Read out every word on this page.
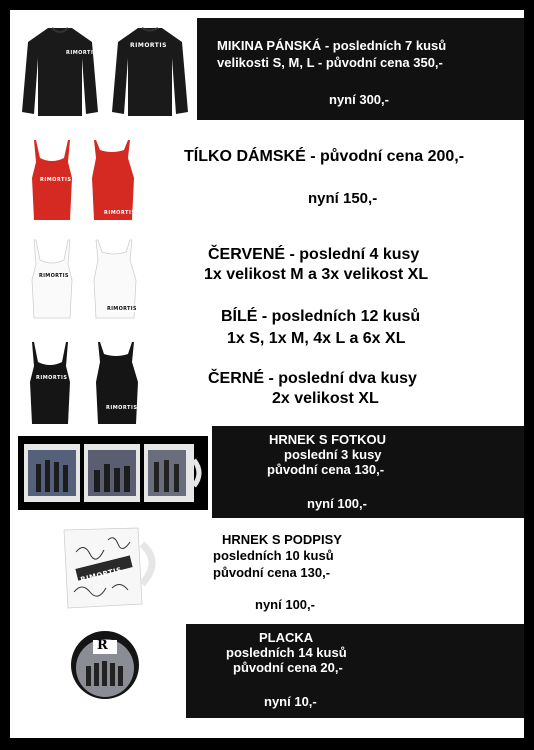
RIMORTIS
RIMORTIS	MIKINA PÁNSKÁ - posledních 7 kusů
velikosti S, M, L - původní cena 350,-
nyní 300,-
RIMORTIS
RIMORTIS
TÍLKO DÁMSKÉ - původní cena 200,-
nyní 150,-
RIMORTIS
RIMORTIS
ČERVENÉ - poslední 4 kusy
1x velikost M a 3x velikost XL
BÍLÉ - posledních 12 kusů
1x S, 1x M, 4x L a 6x XL
ČERNÉ - poslední dva kusy
2x velikost XL
RIMORTIS
RIMORTIS
HRNEK S FOTKOU
poslední 3 kusy
původní cena 130,-
nyní 100,-
RIMORTIS
HRNEK S PODPISY
posledních 10 kusů
původní cena 130,-
nyní 100,-
R
PLACKA
posledních 14 kusů
původní cena 20,-
nyní 10,-
